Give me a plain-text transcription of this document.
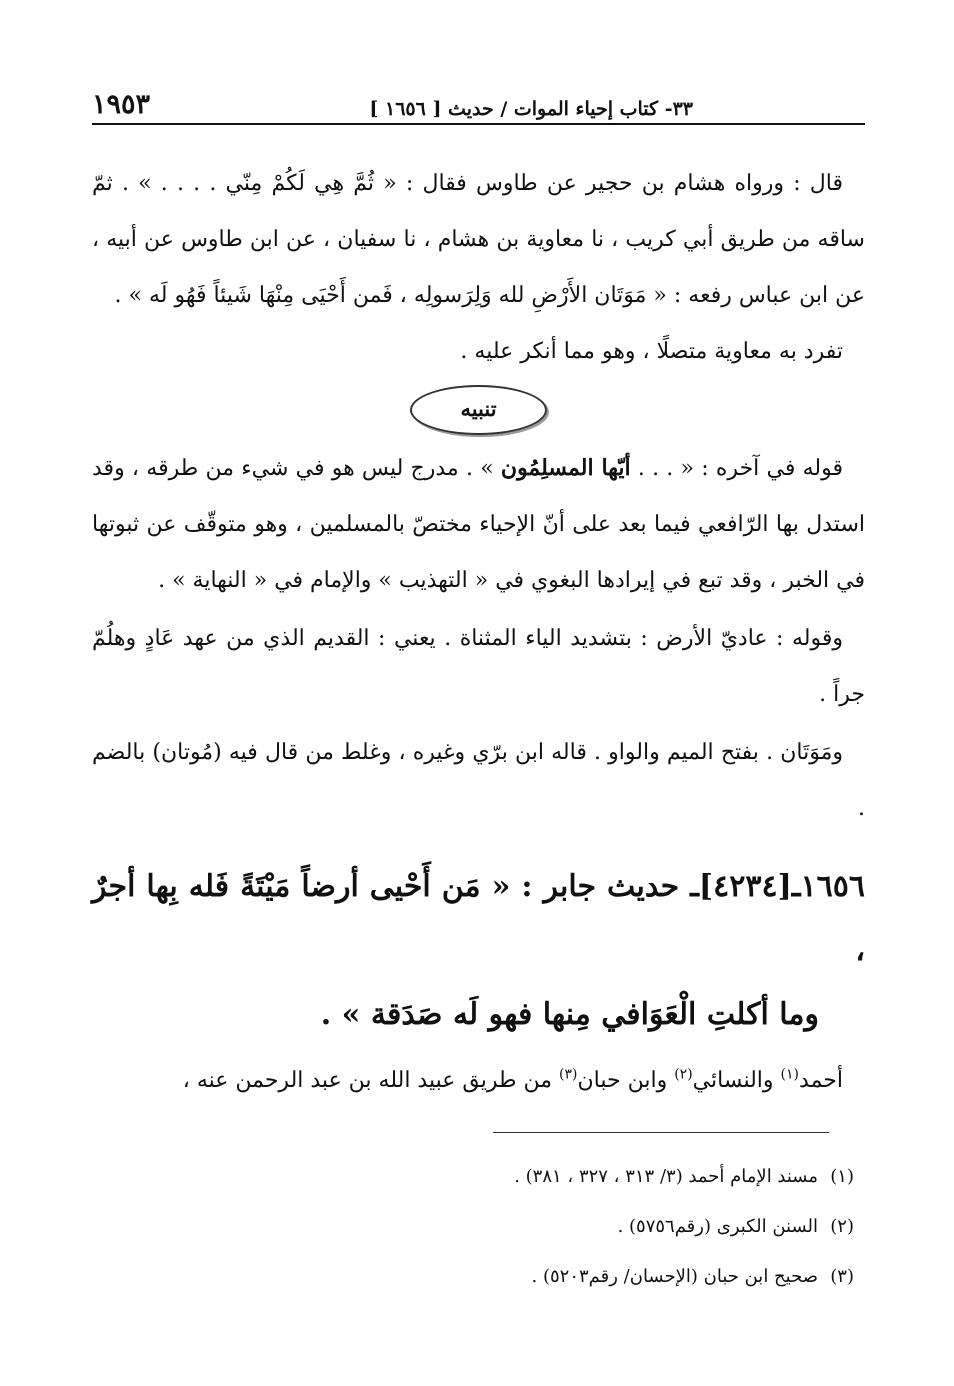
٣٣- كتاب إحياء الموات / حديث [ ١٦٥٦ ]
١٩٥٣

قال : ورواه هشام بن حجير عن طاوس فقال : « ثُمَّ هِي لَكُمْ مِنّي . . . . » . ثمّ ساقه من طريق أبي كريب ، نا معاوية بن هشام ، نا سفيان ، عن ابن طاوس عن أبيه ، عن ابن عباس رفعه : « مَوَتَان الأَرْضِ لله وَلِرَسولِه ، فَمن أَحْيَى مِنْهَا شَيئاً فَهُو لَه » .

تفرد به معاوية متصلًا ، وهو مما أنكر عليه .

تنبيه

قوله في آخره : « . . . أيّها المسلِمُون » . مدرج ليس هو في شيء من طرقه ، وقد استدل بها الرّافعي فيما بعد على أنّ الإحياء مختصّ بالمسلمين ، وهو متوقّف عن ثبوتها في الخبر ، وقد تبع في إيرادها البغوي في « التهذيب » والإمام في « النهاية » .

وقوله : عاديّ الأرض : بتشديد الياء المثناة . يعني : القديم الذي من عهد عَادٍ وهلُمّ جراً .

ومَوَتَان . بفتح الميم والواو . قاله ابن برّي وغيره ، وغلط من قال فيه (مُوتان) بالضم .

١٦٥٦ـ[٤٢٣٤]ـ حديث جابر : « مَن أَحْيى أرضاً مَيْتَةً فَله بِها أجرٌ ،
وما أكلتِ الْعَوَافي مِنها فهو لَه صَدَقة » .

أحمد$^{(١)}$ والنسائي$^{(٢)}$ وابن حبان$^{(٣)}$ من طريق عبيد الله بن عبد الرحمن عنه ،

(١)مسند الإمام أحمد (٣/ ٣١٣ ، ٣٢٧ ، ٣٨١) .

(٢)السنن الكبرى (رقم٥٧٥٦) .

(٣)صحيح ابن حبان (الإحسان/ رقم٥٢٠٣) .
